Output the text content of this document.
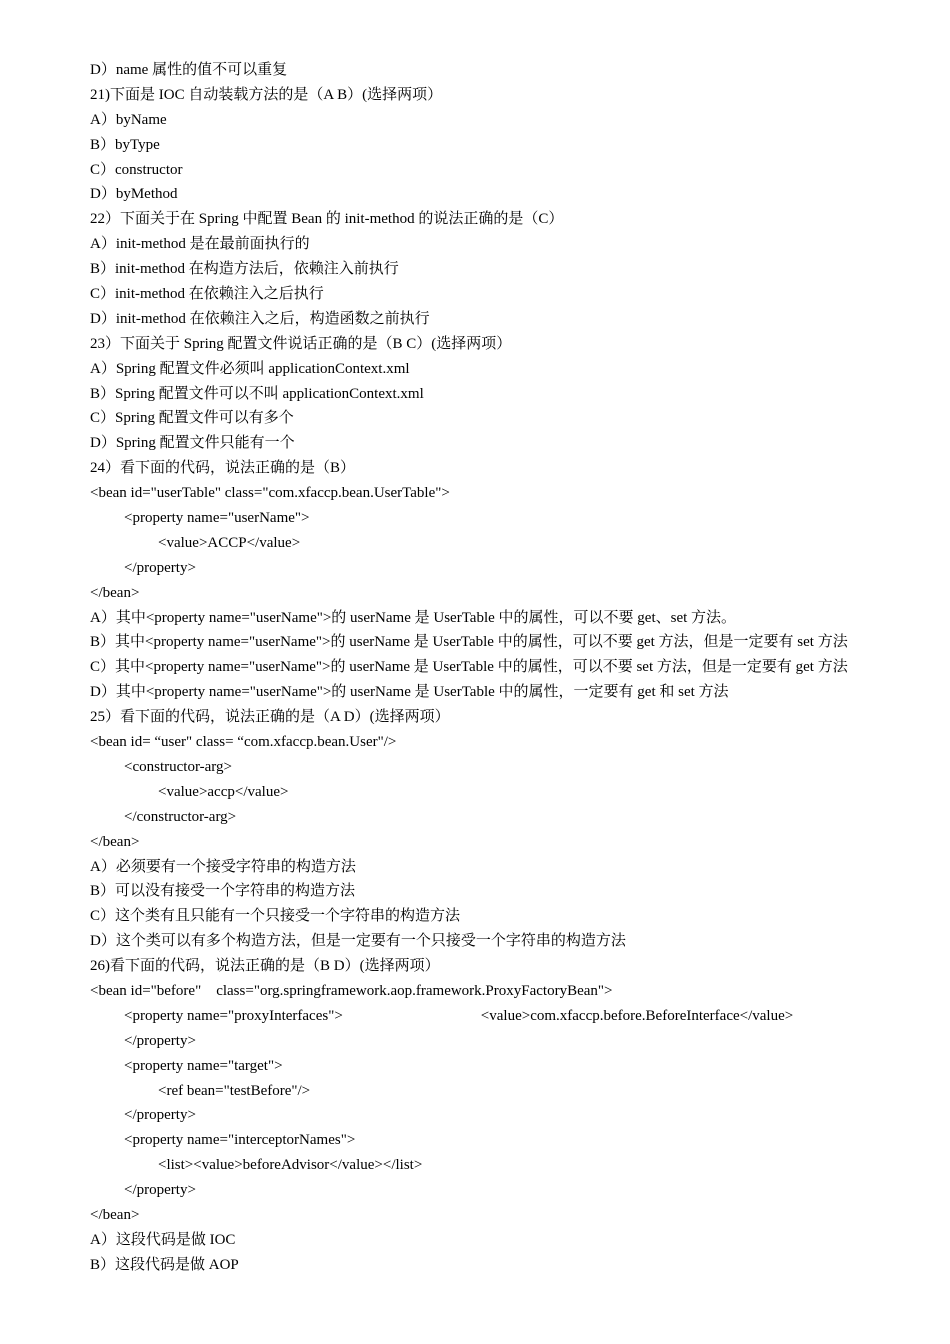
D）name 属性的值不可以重复
21)下面是 IOC 自动装载方法的是（A B）(选择两项）
A）byName
B）byType
C）constructor
D）byMethod
22）下面关于在 Spring 中配置 Bean 的 init-method 的说法正确的是（C）
A）init-method 是在最前面执行的
B）init-method 在构造方法后，依赖注入前执行
C）init-method 在依赖注入之后执行
D）init-method 在依赖注入之后，构造函数之前执行
23）下面关于 Spring 配置文件说话正确的是（B C）(选择两项）
A）Spring 配置文件必须叫 applicationContext.xml
B）Spring 配置文件可以不叫 applicationContext.xml
C）Spring 配置文件可以有多个
D）Spring 配置文件只能有一个
24）看下面的代码，说法正确的是（B）
<bean id="userTable" class="com.xfaccp.bean.UserTable">
<property name="userName">
<value>ACCP</value>
</property>
</bean>
A）其中<property name="userName">的 userName 是 UserTable 中的属性，可以不要 get、set 方法。
B）其中<property name="userName">的 userName 是 UserTable 中的属性，可以不要 get 方法，但是一定要有 set 方法
C）其中<property name="userName">的 userName 是 UserTable 中的属性，可以不要 set 方法，但是一定要有 get 方法
D）其中<property name="userName">的 userName 是 UserTable 中的属性，一定要有 get 和 set 方法
25）看下面的代码，说法正确的是（A D）(选择两项）
<bean id= “user" class= “com.xfaccp.bean.User"/>
<constructor-arg>
<value>accp</value>
</constructor-arg>
</bean>
A）必须要有一个接受字符串的构造方法
B）可以没有接受一个字符串的构造方法
C）这个类有且只能有一个只接受一个字符串的构造方法
D）这个类可以有多个构造方法，但是一定要有一个只接受一个字符串的构造方法
26)看下面的代码，说法正确的是（B D）(选择两项）
<bean id="before"    class="org.springframework.aop.framework.ProxyFactoryBean">
<property name="proxyInterfaces">	<value>com.xfaccp.before.BeforeInterface</value>
</property>
<property name="target">
<ref bean="testBefore"/>
</property>
<property name="interceptorNames">
<list><value>beforeAdvisor</value></list>
</property>
</bean>
A）这段代码是做 IOC
B）这段代码是做 AOP
